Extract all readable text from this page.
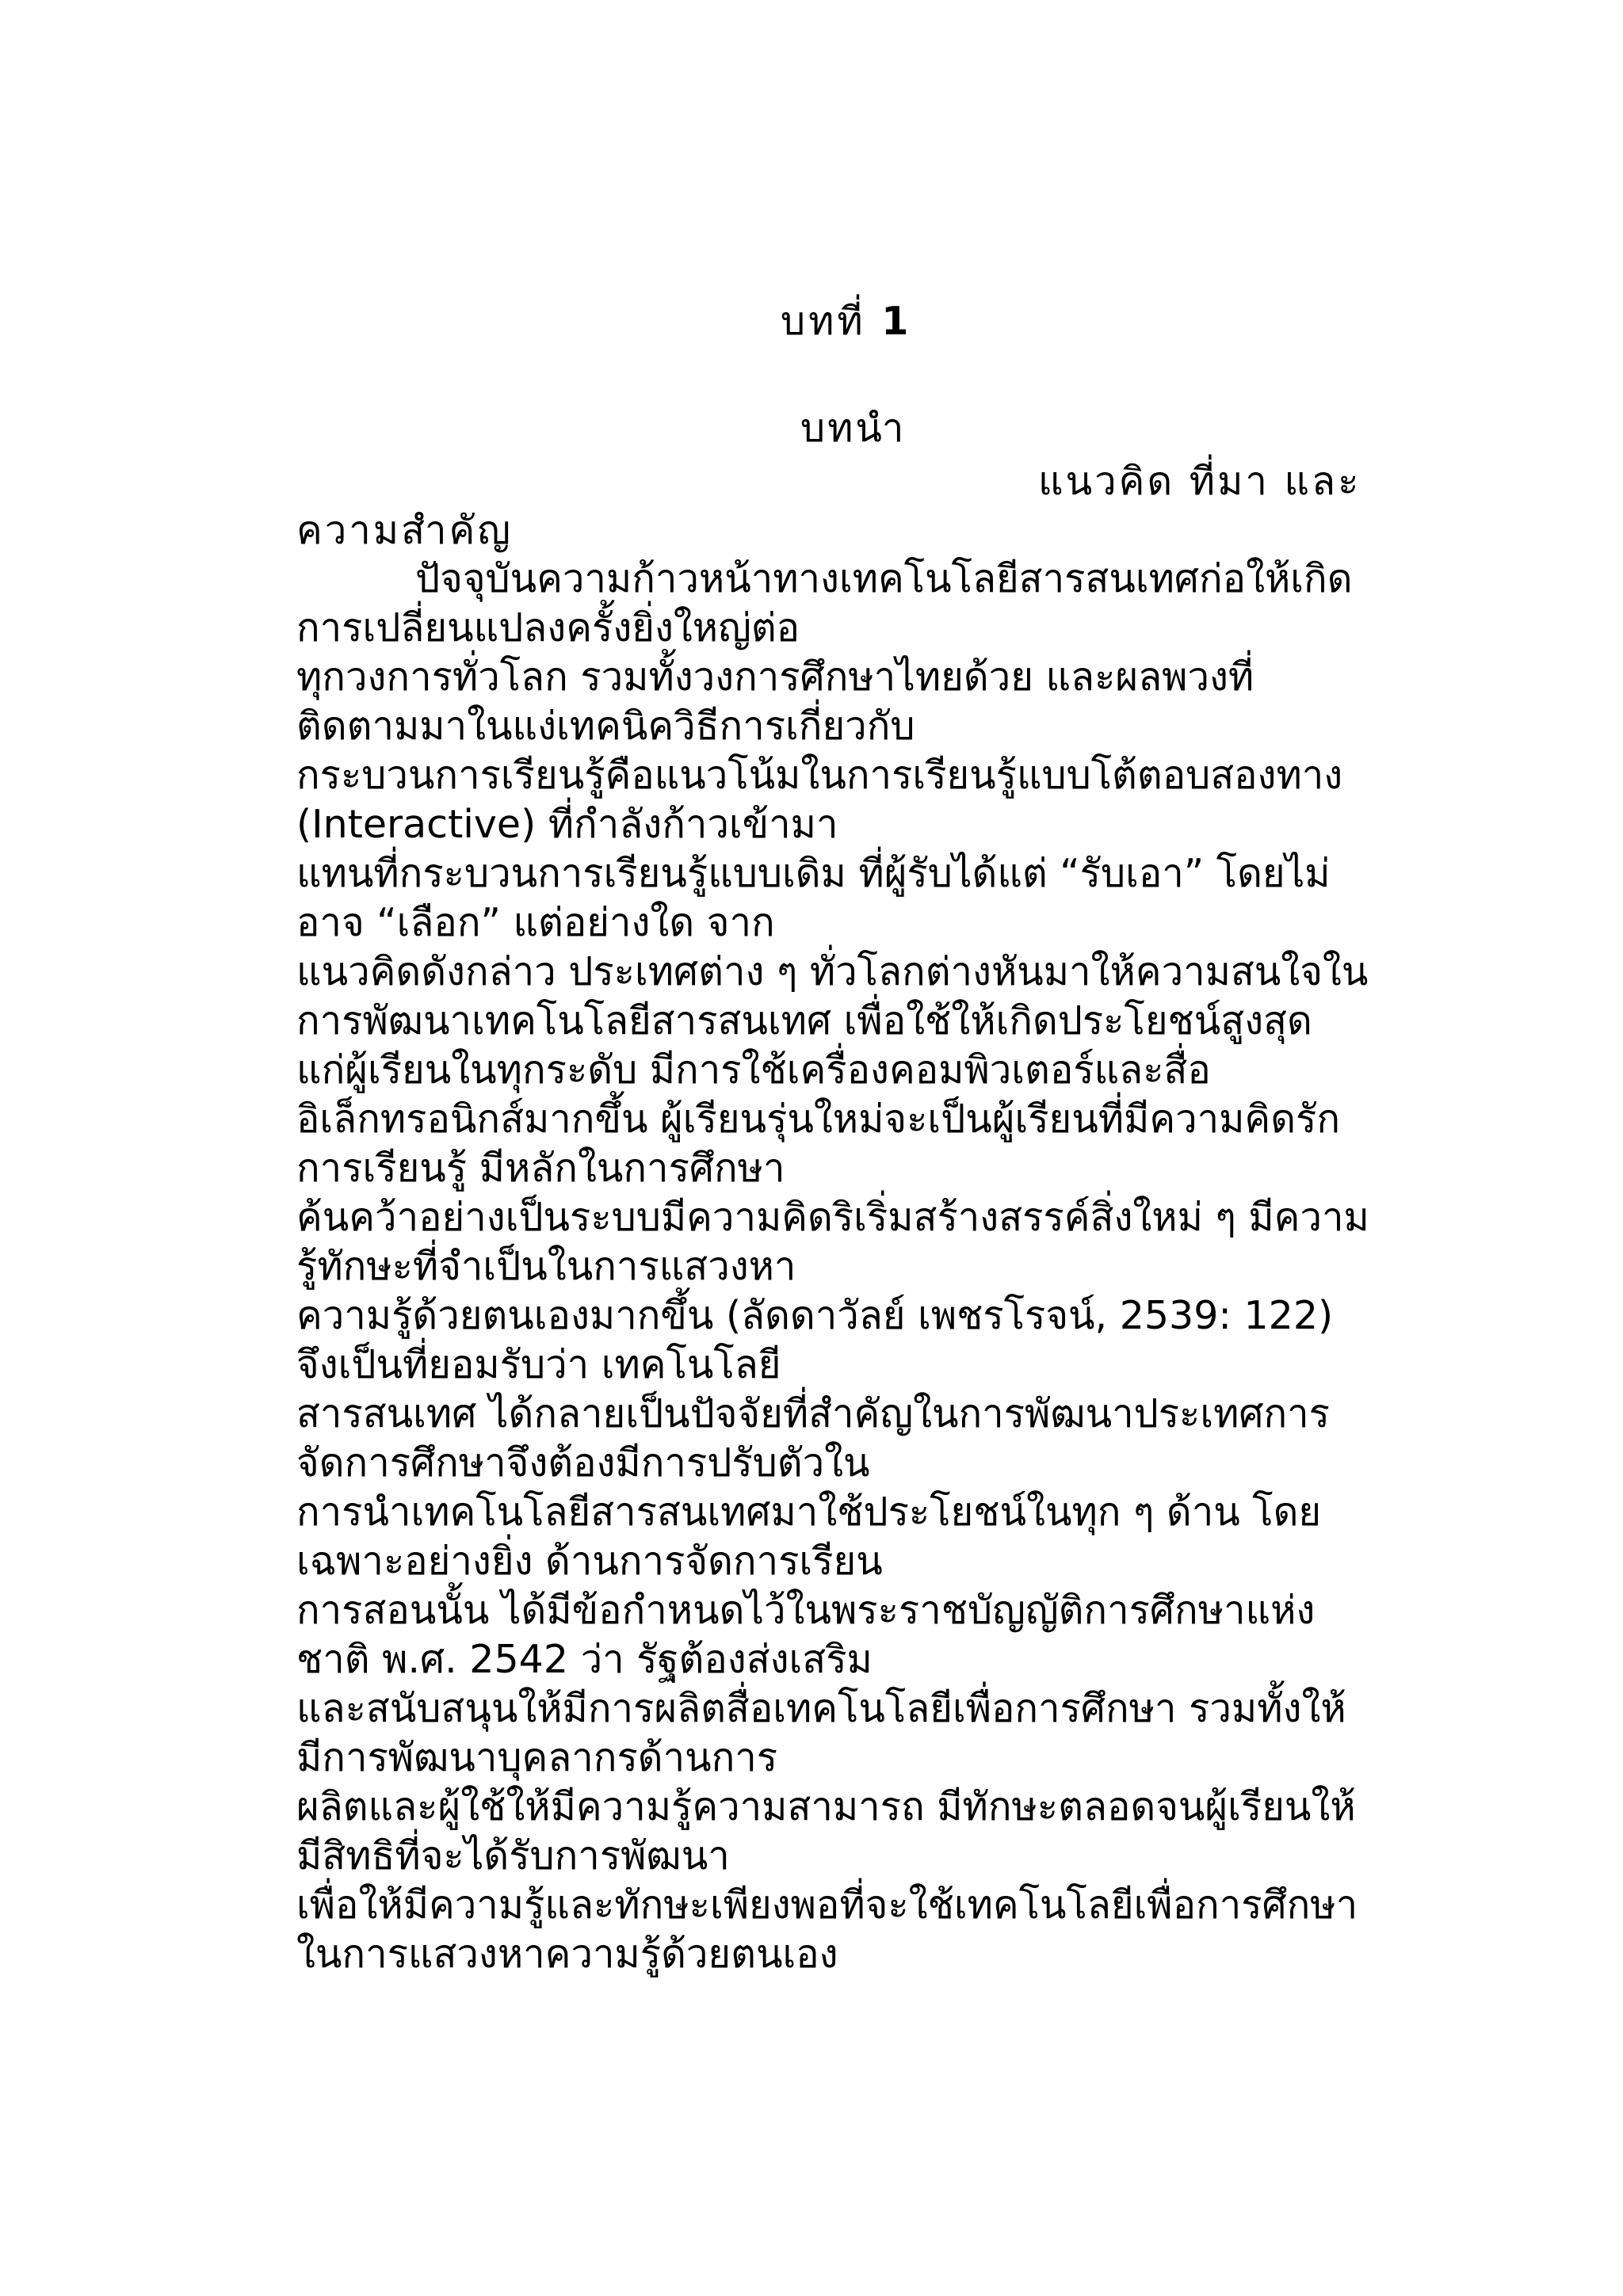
บทที่ 1
บทนำ
แนวคิด ที่มา และ
ความสำคัญ
ปัจจุบันความก้าวหน้าทางเทคโนโลยีสารสนเทศก่อให้เกิด
การเปลี่ยนแปลงครั้งยิ่งใหญ่ต่อ
ทุกวงการทั่วโลก รวมทั้งวงการศึกษาไทยด้วย และผลพวงที่
ติดตามมาในแง่เทคนิควิธีการเกี่ยวกับ
กระบวนการเรียนรู้คือแนวโน้มในการเรียนรู้แบบโต้ตอบสองทาง
(Interactive) ที่กำลังก้าวเข้ามา
แทนที่กระบวนการเรียนรู้แบบเดิม ที่ผู้รับได้แต่ “รับเอา” โดยไม่
อาจ “เลือก” แต่อย่างใด จาก
แนวคิดดังกล่าว ประเทศต่าง ๆ ทั่วโลกต่างหันมาให้ความสนใจใน
การพัฒนาเทคโนโลยีสารสนเทศ เพื่อใช้ให้เกิดประโยชน์สูงสุด
แก่ผู้เรียนในทุกระดับ มีการใช้เครื่องคอมพิวเตอร์และสื่อ
อิเล็กทรอนิกส์มากขึ้น ผู้เรียนรุ่นใหม่จะเป็นผู้เรียนที่มีความคิดรัก
การเรียนรู้ มีหลักในการศึกษา
ค้นคว้าอย่างเป็นระบบมีความคิดริเริ่มสร้างสรรค์สิ่งใหม่ ๆ มีความ
รู้ทักษะที่จำเป็นในการแสวงหา
ความรู้ด้วยตนเองมากขึ้น (ลัดดาวัลย์ เพชรโรจน์, 2539: 122)
จึงเป็นที่ยอมรับว่า เทคโนโลยี
สารสนเทศ ได้กลายเป็นปัจจัยที่สำคัญในการพัฒนาประเทศการ
จัดการศึกษาจึงต้องมีการปรับตัวใน
การนำเทคโนโลยีสารสนเทศมาใช้ประโยชน์ในทุก ๆ ด้าน โดย
เฉพาะอย่างยิ่ง ด้านการจัดการเรียน
การสอนนั้น ได้มีข้อกำหนดไว้ในพระราชบัญญัติการศึกษาแห่ง
ชาติ พ.ศ. 2542 ว่า รัฐต้องส่งเสริม
และสนับสนุนให้มีการผลิตสื่อเทคโนโลยีเพื่อการศึกษา รวมทั้งให้
มีการพัฒนาบุคลากรด้านการ
ผลิตและผู้ใช้ให้มีความรู้ความสามารถ มีทักษะตลอดจนผู้เรียนให้
มีสิทธิที่จะได้รับการพัฒนา
เพื่อให้มีความรู้และทักษะเพียงพอที่จะใช้เทคโนโลยีเพื่อการศึกษา
ในการแสวงหาความรู้ด้วยตนเอง
